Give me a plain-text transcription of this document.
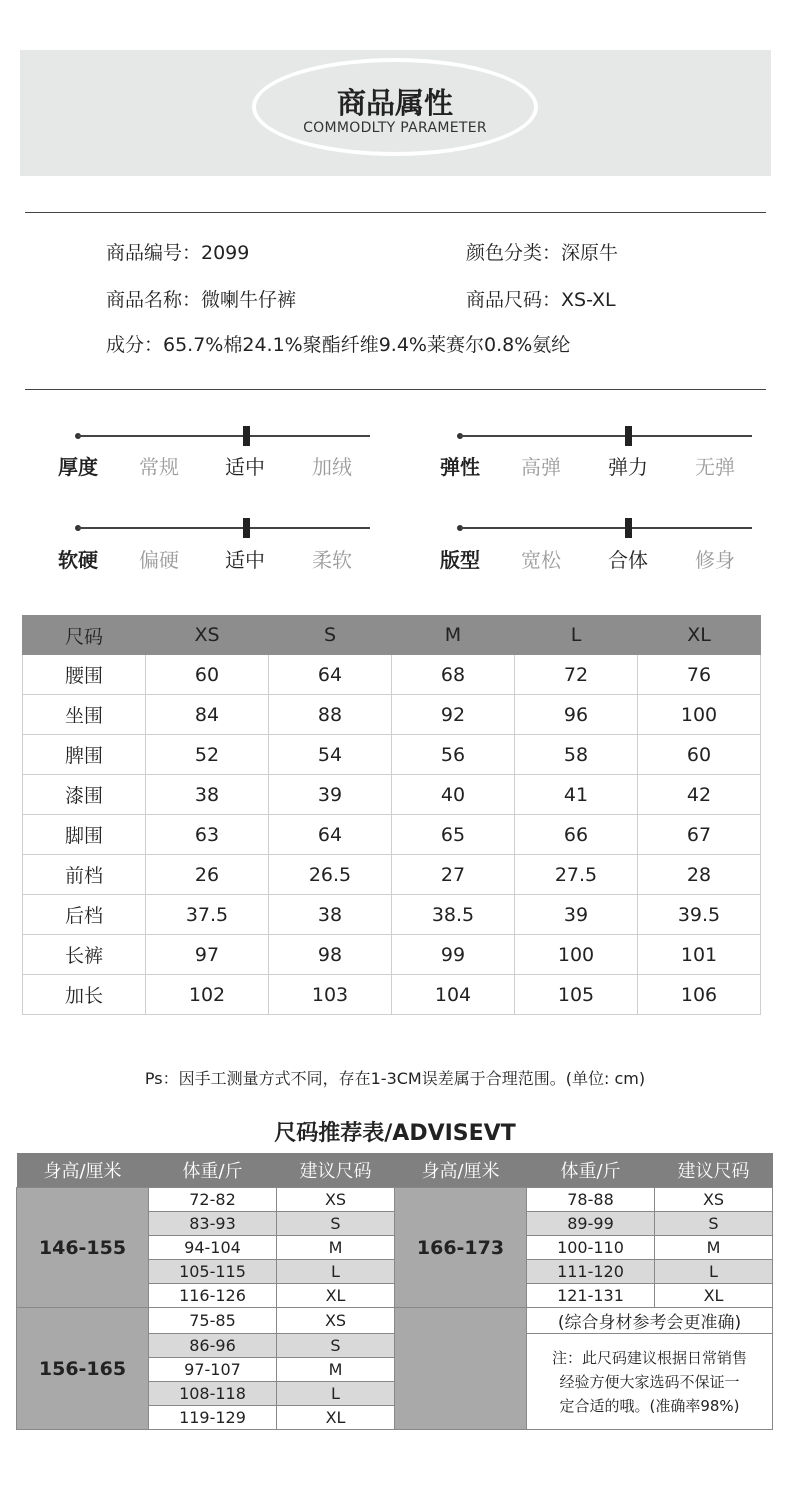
商品属性
COMMODLTY PARAMETER
商品编号：2099	颜色分类：深原牛
商品名称：微喇牛仔裤	商品尺码：XS-XL
成分：65.7%棉24.1%聚酯纤维9.4%莱赛尔0.8%氨纶
厚度	常规	适中	加绒	弹性	高弹	弹力	无弹
软硬	偏硬	适中	柔软	版型	宽松	合体	修身
尺码	XS	S	M	L	XL
腰围	60	64	68	72	76
坐围	84	88	92	96	100
脾围	52	54	56	58	60
漆围	38	39	40	41	42
脚围	63	64	65	66	67
前档	26	26.5	27	27.5	28
后档	37.5	38	38.5	39	39.5
长裤	97	98	99	100	101
加长	102	103	104	105	106
Ps：因手工测量方式不同，存在1-3CM误差属于合理范围。(单位: cm)
尺码推荐表/ADVISEVT
身高/厘米	体重/斤	建议尺码	身高/厘米	体重/斤	建议尺码
146-155	72-82	XS	166-173	78-88	XS
	83-93	S		89-99	S
	94-104	M		100-110	M
	105-115	L		111-120	L
	116-126	XL		121-131	XL
156-165	75-85	XS		(综合身材参考会更准确)	
	86-96	S		注：此尺码建议根据日常销售
经验方便大家选码不保证一
定合适的哦。(准确率98%)	

	97-107	M			
	108-118	L			
	119-129	XL			
